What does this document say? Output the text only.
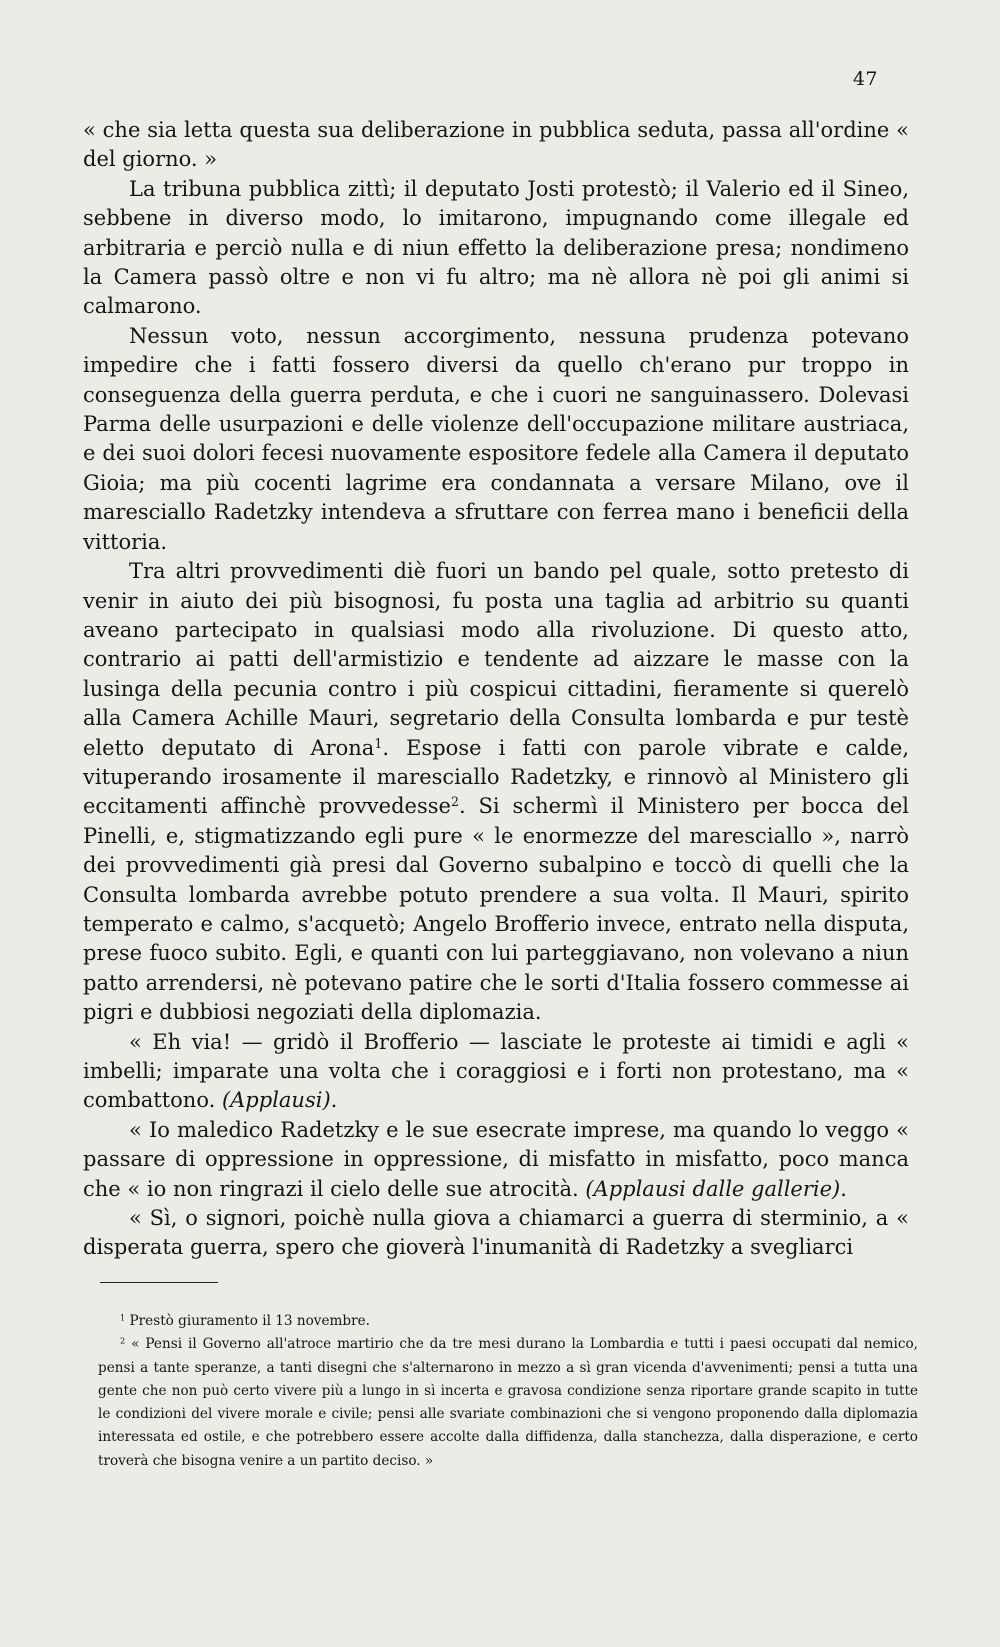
47

« che sia letta questa sua deliberazione in pubblica seduta, passa all'ordine « del giorno. »

La tribuna pubblica zittì; il deputato Josti protestò; il Valerio ed il Sineo, sebbene in diverso modo, lo imitarono, impugnando come illegale ed arbitraria e perciò nulla e di niun effetto la deliberazione presa; nondimeno la Camera passò oltre e non vi fu altro; ma nè allora nè poi gli animi si calmarono.

Nessun voto, nessun accorgimento, nessuna prudenza potevano impedire che i fatti fossero diversi da quello ch'erano pur troppo in conseguenza della guerra perduta, e che i cuori ne sanguinassero. Dolevasi Parma delle usurpazioni e delle violenze dell'occupazione militare austriaca, e dei suoi dolori fecesi nuovamente espositore fedele alla Camera il deputato Gioia; ma più cocenti lagrime era condannata a versare Milano, ove il maresciallo Radetzky intendeva a sfruttare con ferrea mano i beneficii della vittoria.

Tra altri provvedimenti diè fuori un bando pel quale, sotto pretesto di venir in aiuto dei più bisognosi, fu posta una taglia ad arbitrio su quanti aveano partecipato in qualsiasi modo alla rivoluzione. Di questo atto, contrario ai patti dell'armistizio e tendente ad aizzare le masse con la lusinga della pecunia contro i più cospicui cittadini, fieramente si querelò alla Camera Achille Mauri, segretario della Consulta lombarda e pur testè eletto deputato di Arona$^1$. Espose i fatti con parole vibrate e calde, vituperando irosamente il maresciallo Radetzky, e rinnovò al Ministero gli eccitamenti affinchè provvedesse$^2$. Si schermì il Ministero per bocca del Pinelli, e, stigmatizzando egli pure « le enormezze del maresciallo », narrò dei provvedimenti già presi dal Governo subalpino e toccò di quelli che la Consulta lombarda avrebbe potuto prendere a sua volta. Il Mauri, spirito temperato e calmo, s'acquetò; Angelo Brofferio invece, entrato nella disputa, prese fuoco subito. Egli, e quanti con lui parteggiavano, non volevano a niun patto arrendersi, nè potevano patire che le sorti d'Italia fossero commesse ai pigri e dubbiosi negoziati della diplomazia.

« Eh via! — gridò il Brofferio — lasciate le proteste ai timidi e agli « imbelli; imparate una volta che i coraggiosi e i forti non protestano, ma « combattono. (Applausi).

« Io maledico Radetzky e le sue esecrate imprese, ma quando lo veggo « passare di oppressione in oppressione, di misfatto in misfatto, poco manca che « io non ringrazi il cielo delle sue atrocità. (Applausi dalle gallerie).

« Sì, o signori, poichè nulla giova a chiamarci a guerra di sterminio, a « disperata guerra, spero che gioverà l'inumanità di Radetzky a svegliarci

$^1$ Prestò giuramento il 13 novembre.

$^2$ « Pensi il Governo all'atroce martirio che da tre mesi durano la Lombardia e tutti i paesi occupati dal nemico, pensi a tante speranze, a tanti disegni che s'alternarono in mezzo a sì gran vicenda d'avvenimenti; pensi a tutta una gente che non può certo vivere più a lungo in sì incerta e gravosa condizione senza riportare grande scapito in tutte le condizioni del vivere morale e civile; pensi alle svariate combinazioni che si vengono proponendo dalla diplomazia interessata ed ostile, e che potrebbero essere accolte dalla diffidenza, dalla stanchezza, dalla disperazione, e certo troverà che bisogna venire a un partito deciso. »
